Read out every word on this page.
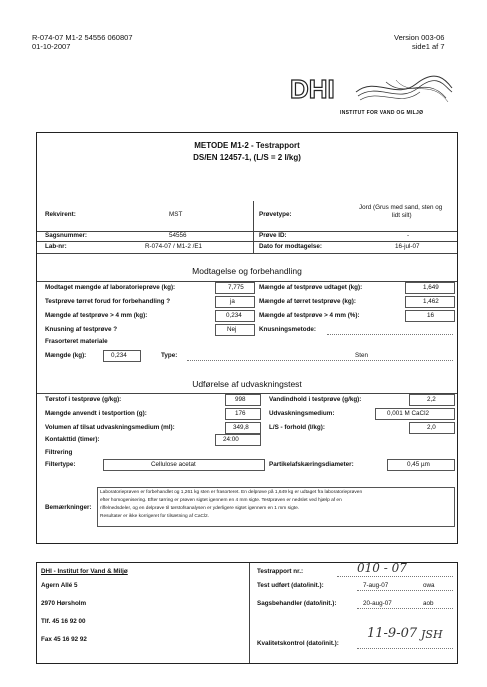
R-074-07 M1-2 54556 060807
01-10-2007
Version 003-06
side1 af 7
DHI
INSTITUT FOR VAND OG MILJØ
METODE M1-2 - Testrapport
DS/EN 12457-1, (L/S = 2 l/kg)
Rekvirent:	MST	Prøvetype:
Jord (Grus med sand, sten og
lidt silt)
Sagsnummer:	54556	Prøve ID:	-
Lab-nr:	R-074-07 / M1-2 /E1	Dato for modtagelse:	16-jul-07
Modtagelse og forbehandling
Modtaget mængde af laboratorieprøve (kg):	7,775 Mængde af testprøve udtaget (kg):	1,649
Testprøve tørret forud for forbehandling ?	ja	Mængde af tørret testprøve (kg):	1,462
Mængde af testprøve > 4 mm (kg):	0,234	Mængde af testprøve > 4 mm (%):	16
Knusning af testprøve ?	Nej	Knusningsmetode:
Frasorteret materiale
Mængde (kg):	0,234	Type:	Sten
Udførelse af udvaskningstest
Tørstof i testprøve (g/kg):	998	Vandindhold i testprøve (g/kg):	2,2
Mængde anvendt i testportion (g):	176	Udvaskningsmedium:	0,001 M CaCl2
Volumen af tilsat udvaskningsmedium (ml):	349,8	L/S - forhold (l/kg):	2,0
Kontakttid (timer):	24:00
Filtrering
Filtertype:	Cellulose acetat	Partikelafskæringsdiameter:	0,45 µm
Bemærkninger:
Laboratorieprøven er forbehandlet og 1,261 kg sten er frasorteret. En delprøve på 1,649 kg er udtaget fra laboratorieprøven
efter homogenisering. Efter tørring er prøven sigtet igennem en 4 mm sigte. Testprøven er nedslet ved hjælp af en
riffelnedsdeler, og en delprøve til tørstofsanalysen er yderligere sigtet igennem en 1 mm sigte.
Resultater er ikke korrigeret for tilsætning af CaCl2.
DHI - Institut for Vand & Miljø
Agern Allé 5
2970 Hørsholm
Tlf. 45 16 92 00
Fax 45 16 92 92
Testrapport nr.:	010 - 07
Test udført (dato/init.):	7-aug-07	owa
Sagsbehandler (dato/init.):	20-aug-07	aob
Kvalitetskontrol (dato/init.):
11-9-07 JSH
